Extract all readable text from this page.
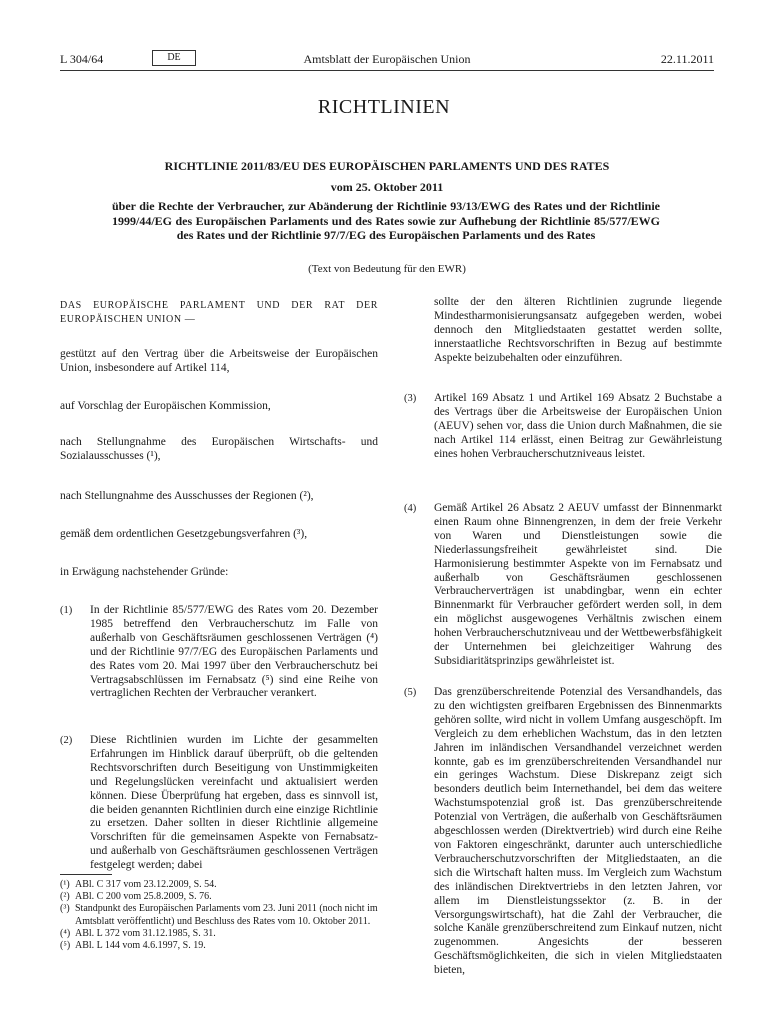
L 304/64	DE	Amtsblatt der Europäischen Union	22.11.2011
RICHTLINIEN
RICHTLINIE 2011/83/EU DES EUROPÄISCHEN PARLAMENTS UND DES RATES
vom 25. Oktober 2011
über die Rechte der Verbraucher, zur Abänderung der Richtlinie 93/13/EWG des Rates und der Richtlinie 1999/44/EG des Europäischen Parlaments und des Rates sowie zur Aufhebung der Richtlinie 85/577/EWG des Rates und der Richtlinie 97/7/EG des Europäischen Parlaments und des Rates
(Text von Bedeutung für den EWR)
DAS EUROPÄISCHE PARLAMENT UND DER RAT DER EUROPÄISCHEN UNION —
gestützt auf den Vertrag über die Arbeitsweise der Europäischen Union, insbesondere auf Artikel 114,
auf Vorschlag der Europäischen Kommission,
nach Stellungnahme des Europäischen Wirtschafts- und Sozialausschusses (¹),
nach Stellungnahme des Ausschusses der Regionen (²),
gemäß dem ordentlichen Gesetzgebungsverfahren (³),
in Erwägung nachstehender Gründe:
(1) In der Richtlinie 85/577/EWG des Rates vom 20. Dezember 1985 betreffend den Verbraucherschutz im Falle von außerhalb von Geschäftsräumen geschlossenen Verträgen (⁴) und der Richtlinie 97/7/EG des Europäischen Parlaments und des Rates vom 20. Mai 1997 über den Verbraucherschutz bei Vertragsabschlüssen im Fernabsatz (⁵) sind eine Reihe von vertraglichen Rechten der Verbraucher verankert.
(2) Diese Richtlinien wurden im Lichte der gesammelten Erfahrungen im Hinblick darauf überprüft, ob die geltenden Rechtsvorschriften durch Beseitigung von Unstimmigkeiten und Regelungslücken vereinfacht und aktualisiert werden können. Diese Überprüfung hat ergeben, dass es sinnvoll ist, die beiden genannten Richtlinien durch eine einzige Richtlinie zu ersetzen. Daher sollten in dieser Richtlinie allgemeine Vorschriften für die gemeinsamen Aspekte von Fernabsatz- und außerhalb von Geschäftsräumen geschlossenen Verträgen festgelegt werden; dabei
(¹) ABl. C 317 vom 23.12.2009, S. 54.
(²) ABl. C 200 vom 25.8.2009, S. 76.
(³) Standpunkt des Europäischen Parlaments vom 23. Juni 2011 (noch nicht im Amtsblatt veröffentlicht) und Beschluss des Rates vom 10. Oktober 2011.
(⁴) ABl. L 372 vom 31.12.1985, S. 31.
(⁵) ABl. L 144 vom 4.6.1997, S. 19.
sollte der den älteren Richtlinien zugrunde liegende Mindestharmonisierungsansatz aufgegeben werden, wobei dennoch den Mitgliedstaaten gestattet werden sollte, innerstaatliche Rechtsvorschriften in Bezug auf bestimmte Aspekte beizubehalten oder einzuführen.
(3) Artikel 169 Absatz 1 und Artikel 169 Absatz 2 Buchstabe a des Vertrags über die Arbeitsweise der Europäischen Union (AEUV) sehen vor, dass die Union durch Maßnahmen, die sie nach Artikel 114 erlässt, einen Beitrag zur Gewährleistung eines hohen Verbraucherschutzniveaus leistet.
(4) Gemäß Artikel 26 Absatz 2 AEUV umfasst der Binnenmarkt einen Raum ohne Binnengrenzen, in dem der freie Verkehr von Waren und Dienstleistungen sowie die Niederlassungsfreiheit gewährleistet sind. Die Harmonisierung bestimmter Aspekte von im Fernabsatz und außerhalb von Geschäftsräumen geschlossenen Verbraucherverträgen ist unabdingbar, wenn ein echter Binnenmarkt für Verbraucher gefördert werden soll, in dem ein möglichst ausgewogenes Verhältnis zwischen einem hohen Verbraucherschutzniveau und der Wettbewerbsfähigkeit der Unternehmen bei gleichzeitiger Wahrung des Subsidiaritätsprinzips gewährleistet ist.
(5) Das grenzüberschreitende Potenzial des Versandhandels, das zu den wichtigsten greifbaren Ergebnissen des Binnenmarkts gehören sollte, wird nicht in vollem Umfang ausgeschöpft. Im Vergleich zu dem erheblichen Wachstum, das in den letzten Jahren im inländischen Versandhandel verzeichnet werden konnte, gab es im grenzüberschreitenden Versandhandel nur ein geringes Wachstum. Diese Diskrepanz zeigt sich besonders deutlich beim Internethandel, bei dem das weitere Wachstumspotenzial groß ist. Das grenzüberschreitende Potenzial von Verträgen, die außerhalb von Geschäftsräumen abgeschlossen werden (Direktvertrieb) wird durch eine Reihe von Faktoren eingeschränkt, darunter auch unterschiedliche Verbraucherschutzvorschriften der Mitgliedstaaten, an die sich die Wirtschaft halten muss. Im Vergleich zum Wachstum des inländischen Direktvertriebs in den letzten Jahren, vor allem im Dienstleistungssektor (z. B. in der Versorgungswirtschaft), hat die Zahl der Verbraucher, die solche Kanäle grenzüberschreitend zum Einkauf nutzen, nicht zugenommen. Angesichts der besseren Geschäftsmöglichkeiten, die sich in vielen Mitgliedstaaten bieten,
